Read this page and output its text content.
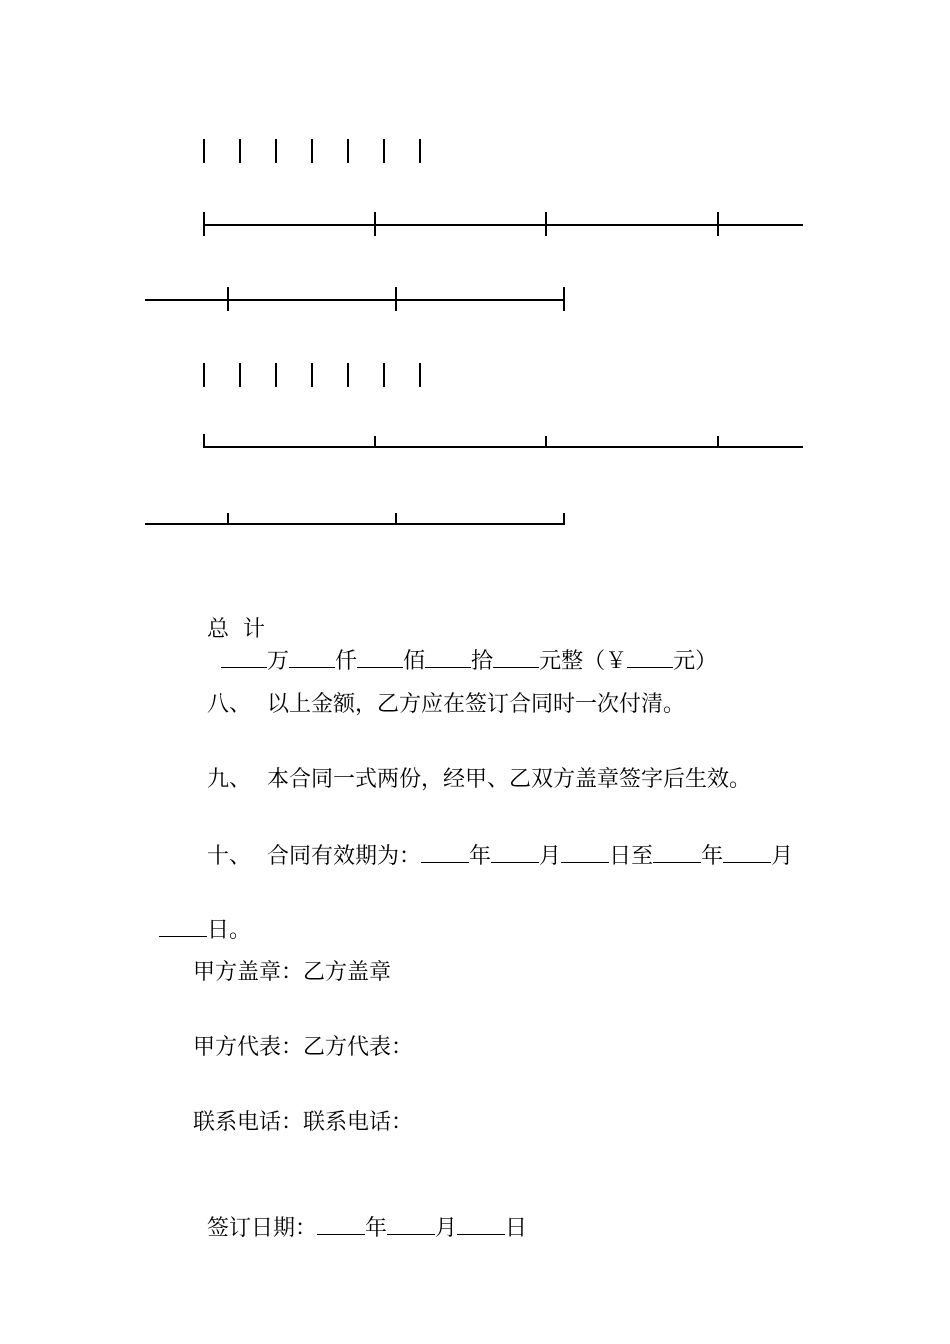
总  计
万 仟 佰 拾 元整（￥ 元）

八、 以上金额，乙方应在签订合同时一次付清。

九、 本合同一式两份，经甲、乙双方盖章签字后生效。

十、 合同有效期为： 年 月 日至 年 月

日。

甲方盖章：乙方盖章
甲方代表：乙方代表：
联系电话：联系电话：

签订日期： 年 月 日
